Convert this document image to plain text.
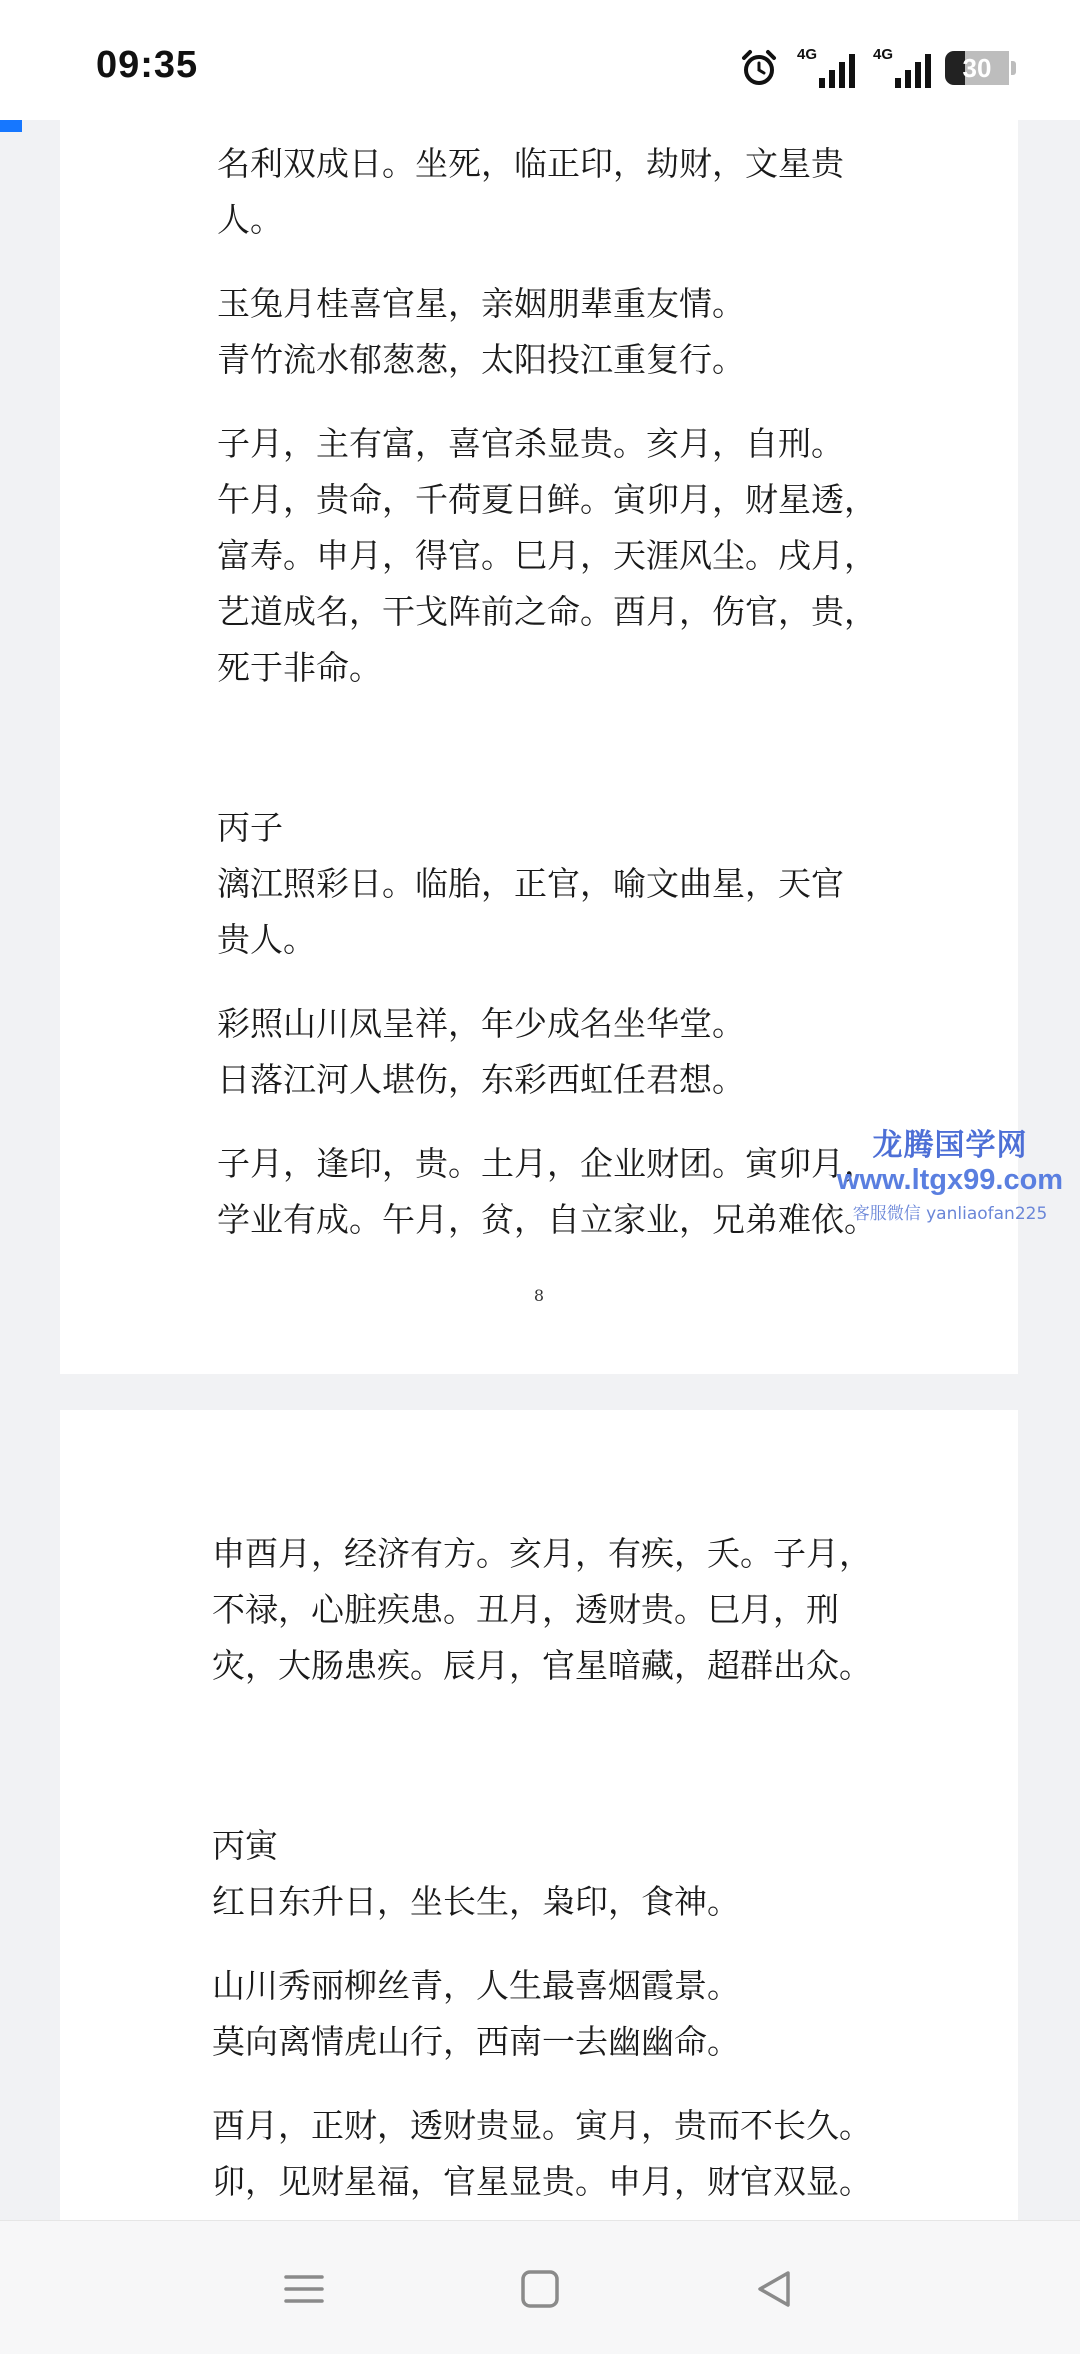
09:35	4G	4G	30
名利双成日。坐死，临正印，劫财，文星贵
人。
玉兔月桂喜官星，亲姻朋辈重友情。
青竹流水郁葱葱，太阳投江重复行。
子月，主有富，喜官杀显贵。亥月，自刑。
午月，贵命，千荷夏日鲜。寅卯月，财星透，
富寿。申月，得官。巳月，天涯风尘。戌月，
艺道成名，干戈阵前之命。酉月，伤官，贵，
死于非命。
丙子
漓江照彩日。临胎，正官，喻文曲星，天官
贵人。
彩照山川凤呈祥，年少成名坐华堂。
日落江河人堪伤，东彩西虹任君想。
子月，逢印，贵。土月，企业财团。寅卯月，
学业有成。午月，贫，自立家业，兄弟难依。
8
申酉月，经济有方。亥月，有疾，夭。子月，
不禄，心脏疾患。丑月，透财贵。巳月，刑
灾，大肠患疾。辰月，官星暗藏，超群出众。
丙寅
红日东升日，坐长生，枭印，食神。
山川秀丽柳丝青，人生最喜烟霞景。
莫向离情虎山行，西南一去幽幽命。
酉月，正财，透财贵显。寅月，贵而不长久。
卯，见财星福，官星显贵。申月，财官双显。
龙腾国学网
www.ltgx99.com
客服微信 yanliaofan225
